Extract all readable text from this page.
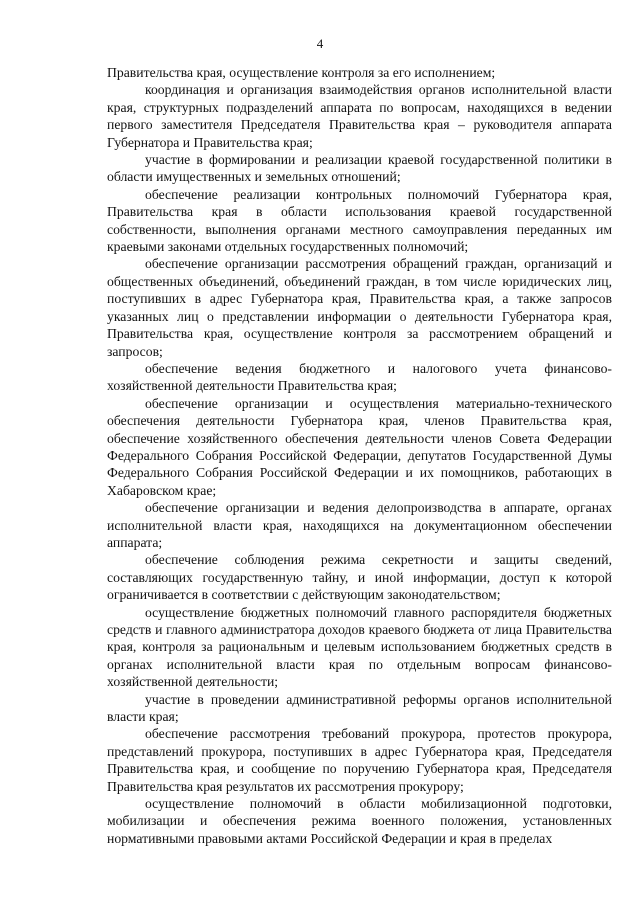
4

Правительства края, осуществление контроля за его исполнением;

координация и организация взаимодействия органов исполнительной власти края, структурных подразделений аппарата по вопросам, находящихся в ведении первого заместителя Председателя Правительства края – руководителя аппарата Губернатора и Правительства края;

участие в формировании и реализации краевой государственной политики в области имущественных и земельных отношений;

обеспечение реализации контрольных полномочий Губернатора края, Правительства края в области использования краевой государственной собственности, выполнения органами местного самоуправления переданных им краевыми законами отдельных государственных полномочий;

обеспечение организации рассмотрения обращений граждан, организаций и общественных объединений, объединений граждан, в том числе юридических лиц, поступивших в адрес Губернатора края, Правительства края, а также запросов указанных лиц о представлении информации о деятельности Губернатора края, Правительства края, осуществление контроля за рассмотрением обращений и запросов;

обеспечение ведения бюджетного и налогового учета финансово-хозяйственной деятельности Правительства края;

обеспечение организации и осуществления материально-технического обеспечения деятельности Губернатора края, членов Правительства края, обеспечение хозяйственного обеспечения деятельности членов Совета Федерации Федерального Собрания Российской Федерации, депутатов Государственной Думы Федерального Собрания Российской Федерации и их помощников, работающих в Хабаровском крае;

обеспечение организации и ведения делопроизводства в аппарате, органах исполнительной власти края, находящихся на документационном обеспечении аппарата;

обеспечение соблюдения режима секретности и защиты сведений, составляющих государственную тайну, и иной информации, доступ к которой ограничивается в соответствии с действующим законодательством;

осуществление бюджетных полномочий главного распорядителя бюджетных средств и главного администратора доходов краевого бюджета от лица Правительства края, контроля за рациональным и целевым использованием бюджетных средств в органах исполнительной власти края по отдельным вопросам финансово-хозяйственной деятельности;

участие в проведении административной реформы органов исполнительной власти края;

обеспечение рассмотрения требований прокурора, протестов прокурора, представлений прокурора, поступивших в адрес Губернатора края, Председателя Правительства края, и сообщение по поручению Губернатора края, Председателя Правительства края результатов их рассмотрения прокурору;

осуществление полномочий в области мобилизационной подготовки, мобилизации и обеспечения режима военного положения, установленных нормативными правовыми актами Российской Федерации и края в пределах
